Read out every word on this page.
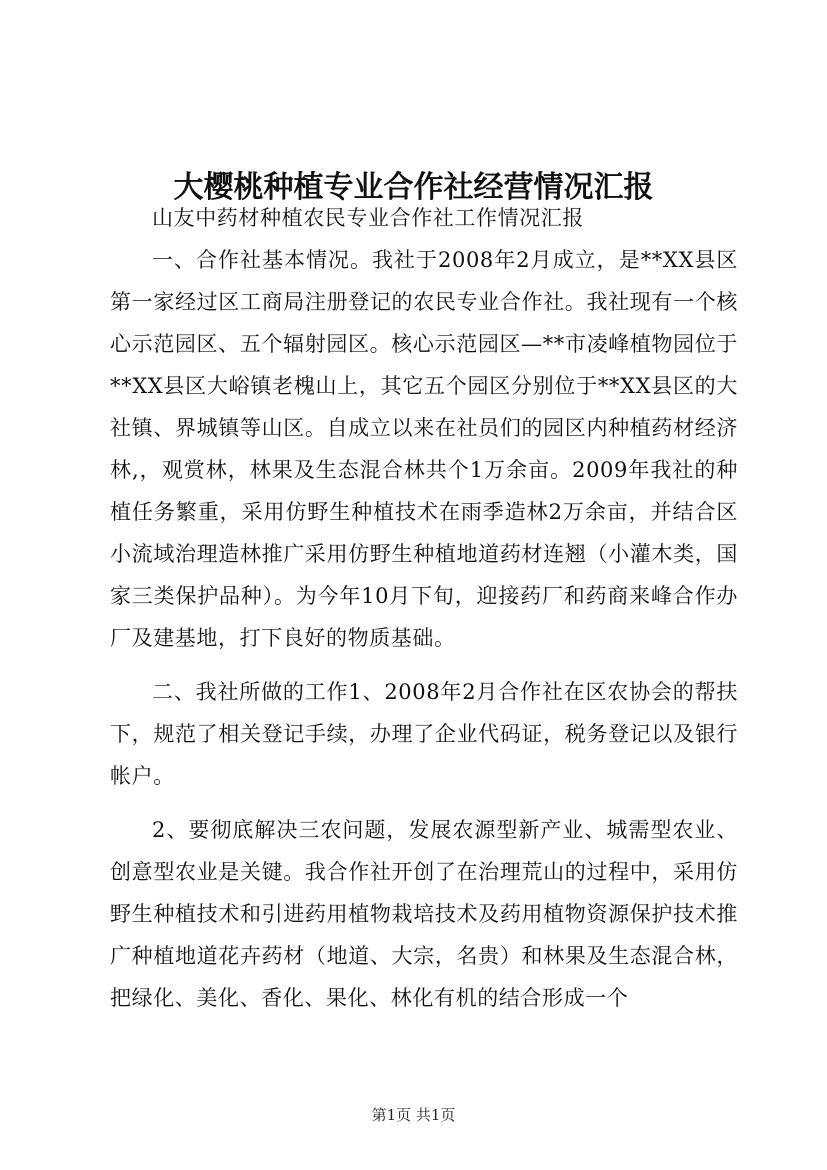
大樱桃种植专业合作社经营情况汇报

山友中药材种植农民专业合作社工作情况汇报

一、合作社基本情况。我社于2008年2月成立，是**XX县区第一家经过区工商局注册登记的农民专业合作社。我社现有一个核心示范园区、五个辐射园区。核心示范园区—**市凌峰植物园位于**XX县区大峪镇老槐山上，其它五个园区分别位于**XX县区的大社镇、界城镇等山区。自成立以来在社员们的园区内种植药材经济林,，观赏林，林果及生态混合林共个1万余亩。2009年我社的种植任务繁重，采用仿野生种植技术在雨季造林2万余亩，并结合区小流域治理造林推广采用仿野生种植地道药材连翘（小灌木类，国家三类保护品种）。为今年10月下旬，迎接药厂和药商来峰合作办厂及建基地，打下良好的物质基础。

二、我社所做的工作1、2008年2月合作社在区农协会的帮扶下，规范了相关登记手续，办理了企业代码证，税务登记以及银行帐户。

2、要彻底解决三农问题，发展农源型新产业、城需型农业、创意型农业是关键。我合作社开创了在治理荒山的过程中，采用仿野生种植技术和引进药用植物栽培技术及药用植物资源保护技术推广种植地道花卉药材（地道、大宗，名贵）和林果及生态混合林，把绿化、美化、香化、果化、林化有机的结合形成一个

第1页 共1页
